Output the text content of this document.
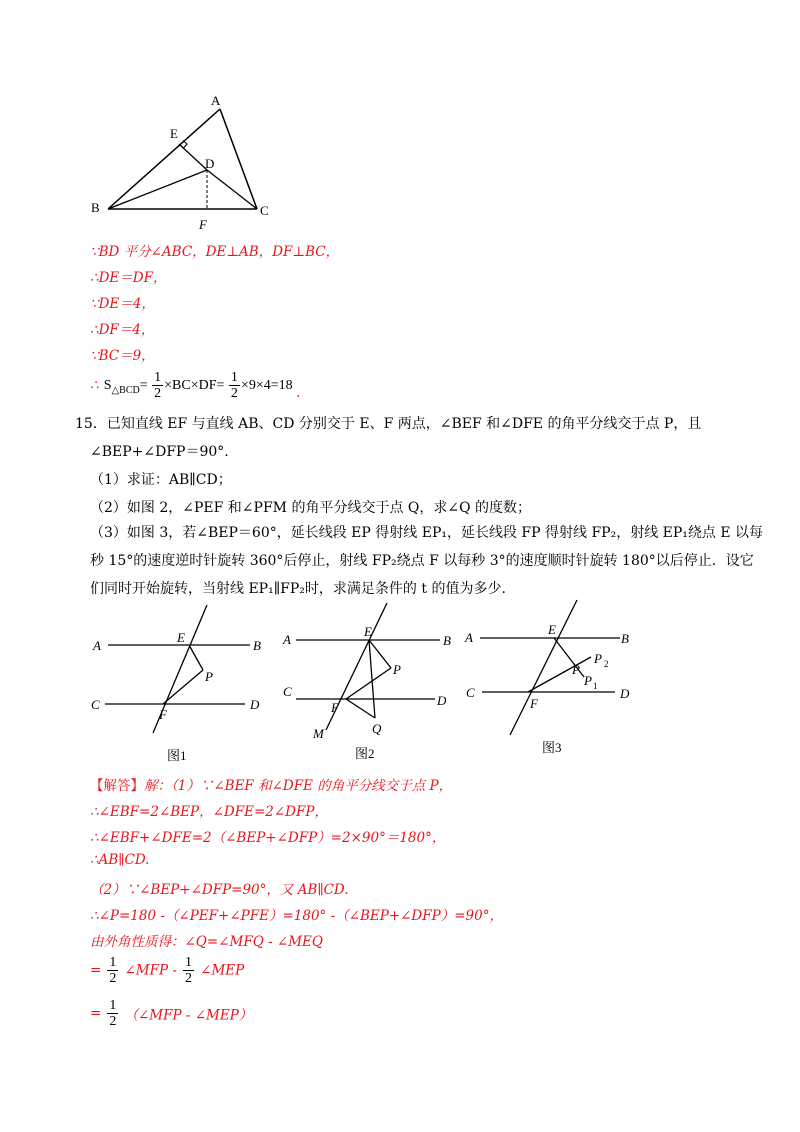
A
E
D
B
F
C
∵BD 平分∠ABC，DE⊥AB，DF⊥BC，
∴DE＝DF，
∵DE＝4，
∴DF＝4，
∵BC＝9，
∴ $S_{\triangle BCD}= \frac{1}{2} \times BC\times DF= \frac{1}{2} \times 9\times 4=18$ .
15．已知直线 EF 与直线 AB、CD 分别交于 E、F 两点，∠BEF 和∠DFE 的角平分线交于点 P，且
∠BEP+∠DFP＝90°.
（1）求证：AB∥CD；
（2）如图 2，∠PEF 和∠PFM 的角平分线交于点 Q，求∠Q 的度数；
（3）如图 3，若∠BEP＝60°，延长线段 EP 得射线 EP₁，延长线段 FP 得射线 FP₂，射线 EP₁绕点 E 以每
秒 15°的速度逆时针旋转 360°后停止，射线 FP₂绕点 F 以每秒 3°的速度顺时针旋转 180°以后停止．设它
们同时开始旋转，当射线 EP₁∥FP₂时，求满足条件的 t 的值为多少.
A	B
E
P
C	D
F
图1
A	B
E
P
C
D
F
M	Q
图2
A	B
E
P $_2$
P
$P_1$
C	D
F
图3
【解答】解：（1）∵∠BEF 和∠DFE 的角平分线交于点 P，
∴∠EBF=2∠BEP，∠DFE=2∠DFP，
∴∠EBF+∠DFE=2（∠BEP+∠DFP）=2×90°＝180°，
∴AB∥CD.
（2）∵∠BEP+∠DFP=90°，又 AB∥CD.
∴∠P=180 -（∠PEF+∠PFE）=180° -（∠BEP+∠DFP）=90°，
由外角性质得：∠Q=∠MFQ - ∠MEQ
= $\frac{1}{2}$ ∠MFP - $\frac{1}{2}$ ∠MEP
= $\frac{1}{2}$ （∠MFP - ∠MEP）
